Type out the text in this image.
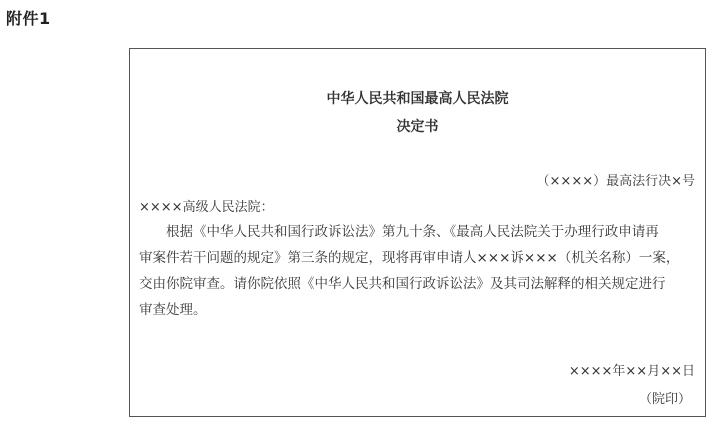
附件1
中华人民共和国最高人民法院
决定书
（××××）最高法行决×号
××××高级人民法院：

　　根据《中华人民共和国行政诉讼法》第九十条、《最高人民法院关于办理行政申请再
审案件若干问题的规定》第三条的规定，现将再审申请人×××诉×××（机关名称）一案，
交由你院审查。请你院依照《中华人民共和国行政诉讼法》及其司法解释的相关规定进行
审查处理。

××××年××月××日
（院印）
